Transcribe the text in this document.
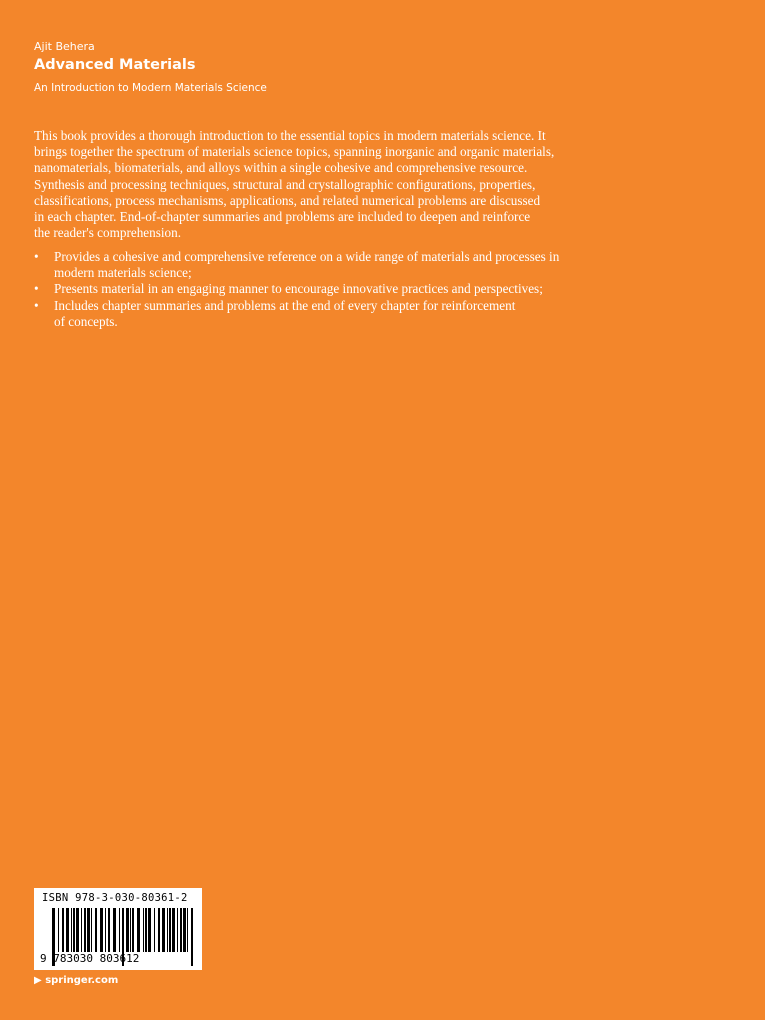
Ajit Behera
Advanced Materials
An Introduction to Modern Materials Science
This book provides a thorough introduction to the essential topics in modern materials science. It
brings together the spectrum of materials science topics, spanning inorganic and organic materials,
nanomaterials, biomaterials, and alloys within a single cohesive and comprehensive resource.
Synthesis and processing techniques, structural and crystallographic configurations, properties,
classifications, process mechanisms, applications, and related numerical problems are discussed
in each chapter. End-of-chapter summaries and problems are included to deepen and reinforce
the reader's comprehension.
• Provides a cohesive and comprehensive reference on a wide range of materials and processes in
modern materials science;
• Presents material in an engaging manner to encourage innovative practices and perspectives;
• Includes chapter summaries and problems at the end of every chapter for reinforcement
of concepts.
ISBN 978-3-030-80361-2
9 783030 803612
▶ springer.com
